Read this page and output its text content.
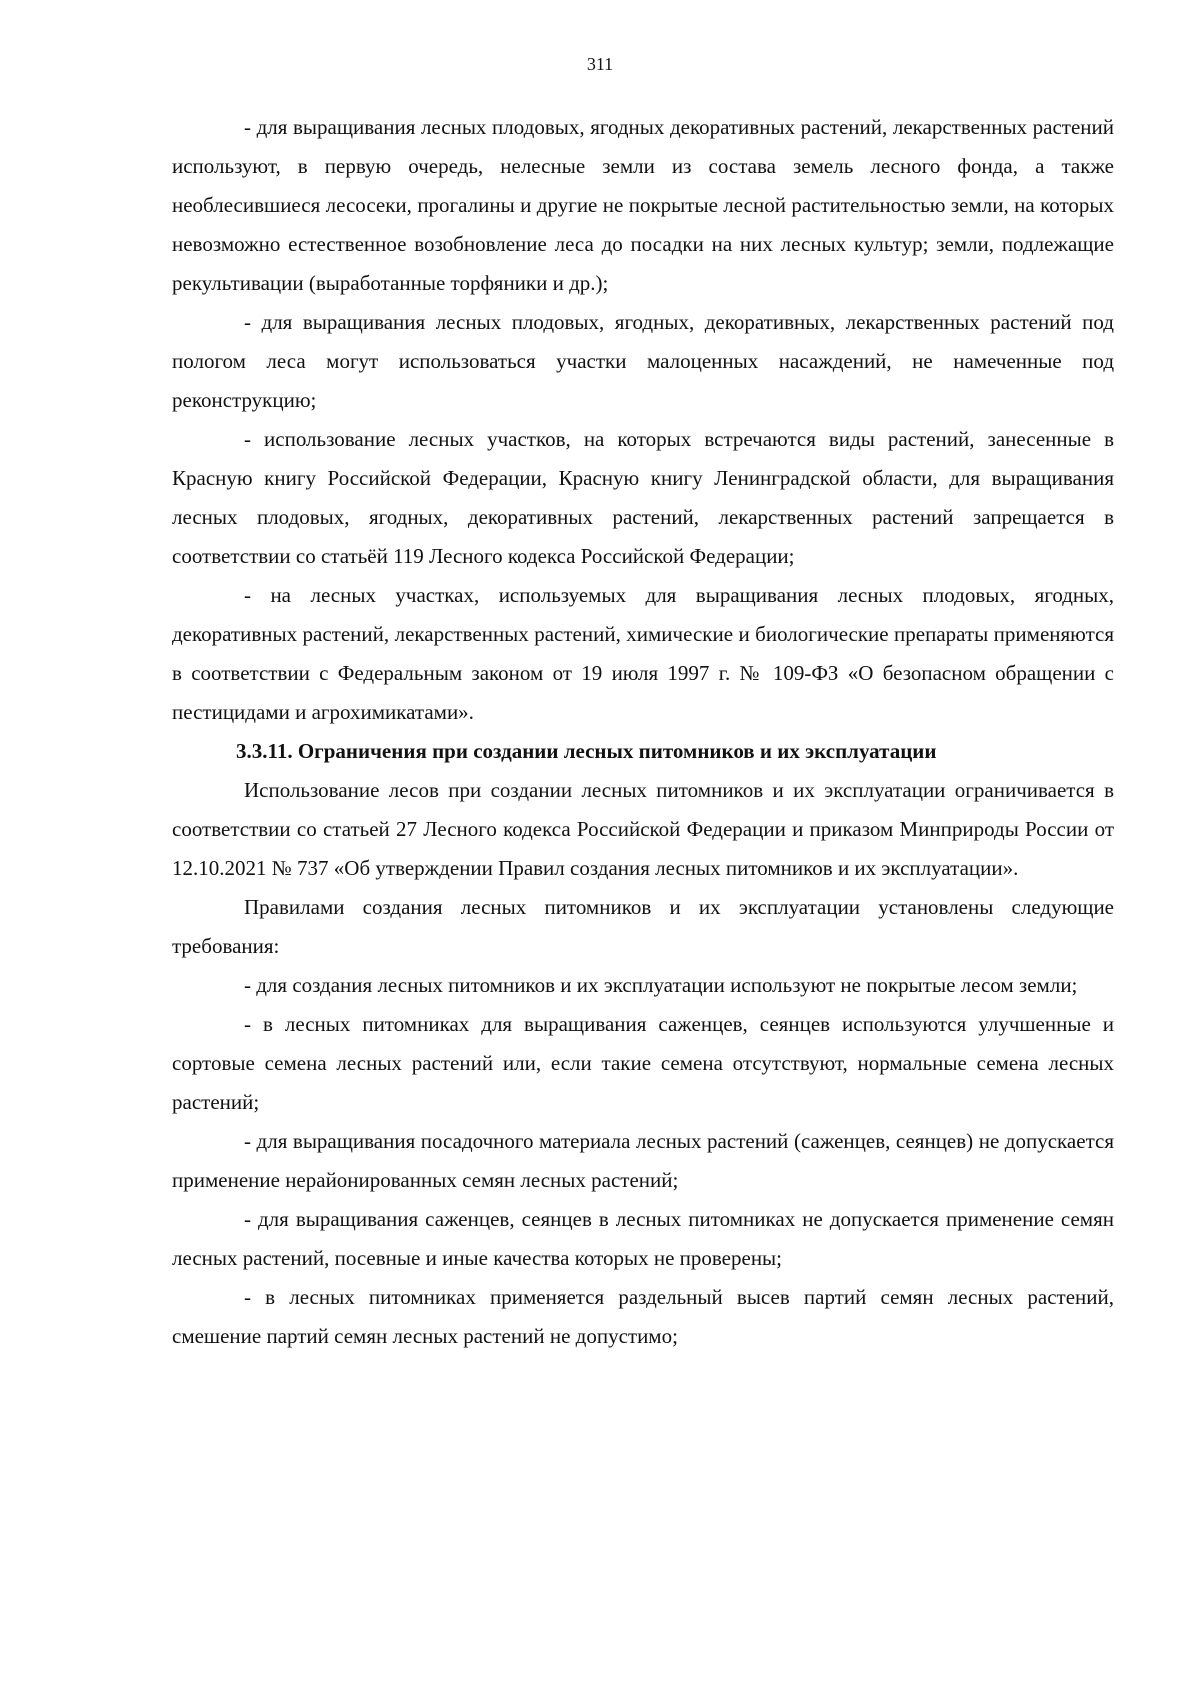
311

- для выращивания лесных плодовых, ягодных декоративных растений, лекарственных растений используют, в первую очередь, нелесные земли из состава земель лесного фонда, а также необлесившиеся лесосеки, прогалины и другие не покрытые лесной растительностью земли, на которых невозможно естественное возобновление леса до посадки на них лесных культур; земли, подлежащие рекультивации (выработанные торфяники и др.);

- для выращивания лесных плодовых, ягодных, декоративных, лекарственных растений под пологом леса могут использоваться участки малоценных насаждений, не намеченные под реконструкцию;

- использование лесных участков, на которых встречаются виды растений, занесенные в Красную книгу Российской Федерации, Красную книгу Ленинградской области, для выращивания лесных плодовых, ягодных, декоративных растений, лекарственных растений запрещается в соответствии со статьёй 119 Лесного кодекса Российской Федерации;

- на лесных участках, используемых для выращивания лесных плодовых, ягодных, декоративных растений, лекарственных растений, химические и биологические препараты применяются в соответствии с Федеральным законом от 19 июля 1997 г. № 109-ФЗ «О безопасном обращении с пестицидами и агрохимикатами».

3.3.11. Ограничения при создании лесных питомников и их эксплуатации

Использование лесов при создании лесных питомников и их эксплуатации ограничивается в соответствии со статьей 27 Лесного кодекса Российской Федерации и приказом Минприроды России от 12.10.2021 № 737 «Об утверждении Правил создания лесных питомников и их эксплуатации».

Правилами создания лесных питомников и их эксплуатации установлены следующие требования:

- для создания лесных питомников и их эксплуатации используют не покрытые лесом земли;

- в лесных питомниках для выращивания саженцев, сеянцев используются улучшенные и сортовые семена лесных растений или, если такие семена отсутствуют, нормальные семена лесных растений;

- для выращивания посадочного материала лесных растений (саженцев, сеянцев) не допускается применение нерайонированных семян лесных растений;

- для выращивания саженцев, сеянцев в лесных питомниках не допускается применение семян лесных растений, посевные и иные качества которых не проверены;

- в лесных питомниках применяется раздельный высев партий семян лесных растений, смешение партий семян лесных растений не допустимо;
